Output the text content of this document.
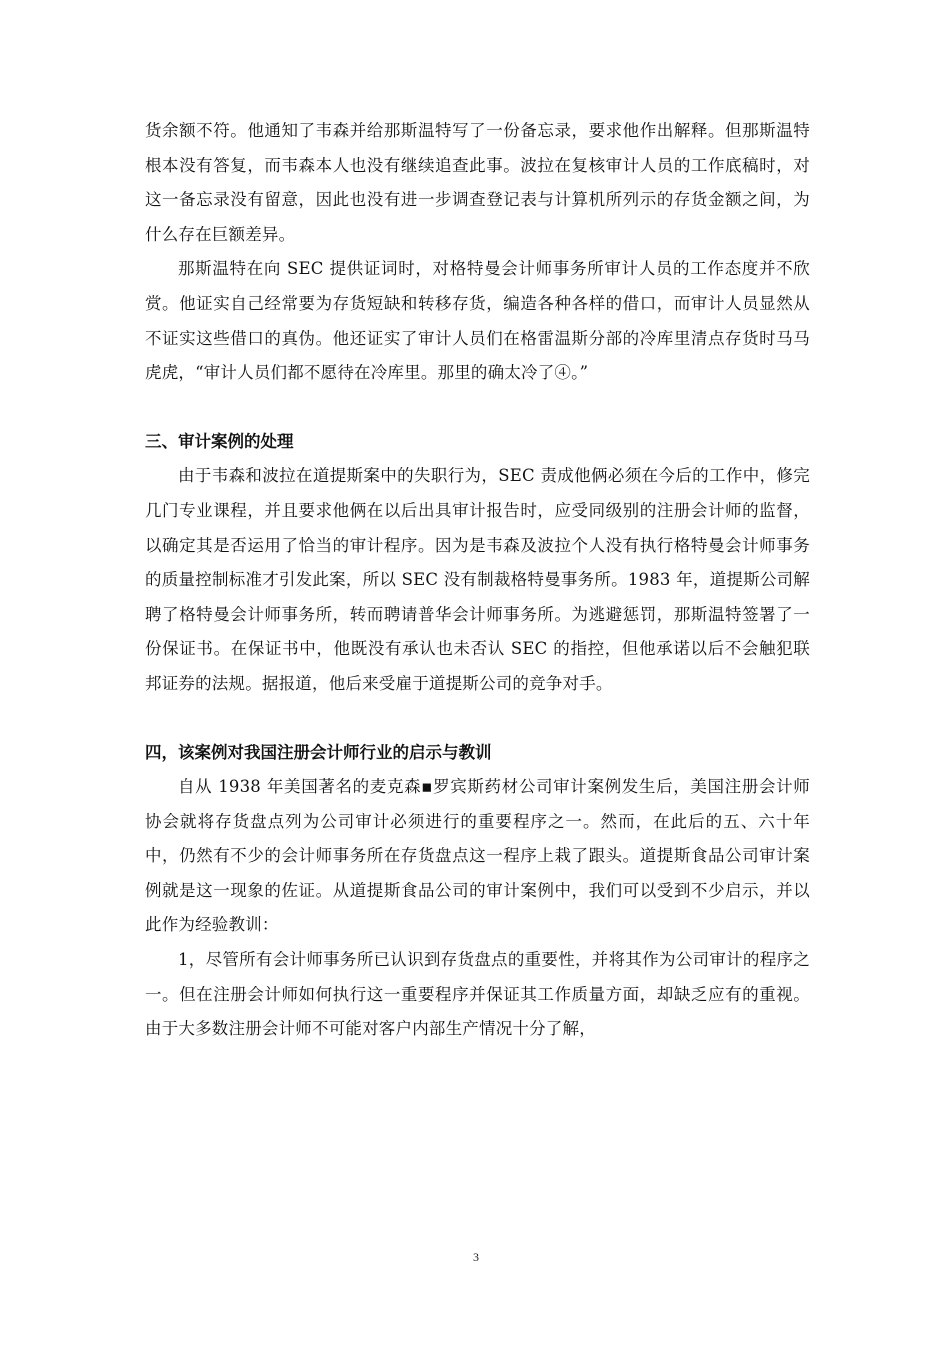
货余额不符。他通知了韦森并给那斯温特写了一份备忘录，要求他作出解释。但那斯温特根本没有答复，而韦森本人也没有继续追查此事。波拉在复核审计人员的工作底稿时，对这一备忘录没有留意，因此也没有进一步调查登记表与计算机所列示的存货金额之间，为什么存在巨额差异。

那斯温特在向 SEC 提供证词时，对格特曼会计师事务所审计人员的工作态度并不欣赏。他证实自己经常要为存货短缺和转移存货，编造各种各样的借口，而审计人员显然从不证实这些借口的真伪。他还证实了审计人员们在格雷温斯分部的冷库里清点存货时马马虎虎，“审计人员们都不愿待在冷库里。那里的确太冷了④。”

三、审计案例的处理

由于韦森和波拉在道提斯案中的失职行为，SEC 责成他俩必须在今后的工作中，修完几门专业课程，并且要求他俩在以后出具审计报告时，应受同级别的注册会计师的监督，以确定其是否运用了恰当的审计程序。因为是韦森及波拉个人没有执行格特曼会计师事务的质量控制标准才引发此案，所以 SEC 没有制裁格特曼事务所。1983 年，道提斯公司解聘了格特曼会计师事务所，转而聘请普华会计师事务所。为逃避惩罚，那斯温特签署了一份保证书。在保证书中，他既没有承认也未否认 SEC 的指控，但他承诺以后不会触犯联邦证券的法规。据报道，他后来受雇于道提斯公司的竞争对手。

四，该案例对我国注册会计师行业的启示与教训

自从 1938 年美国著名的麦克森▪罗宾斯药材公司审计案例发生后，美国注册会计师协会就将存货盘点列为公司审计必须进行的重要程序之一。然而，在此后的五、六十年中，仍然有不少的会计师事务所在存货盘点这一程序上栽了跟头。道提斯食品公司审计案例就是这一现象的佐证。从道提斯食品公司的审计案例中，我们可以受到不少启示，并以此作为经验教训：

1，尽管所有会计师事务所已认识到存货盘点的重要性，并将其作为公司审计的程序之一。但在注册会计师如何执行这一重要程序并保证其工作质量方面，却缺乏应有的重视。由于大多数注册会计师不可能对客户内部生产情况十分了解，

3
